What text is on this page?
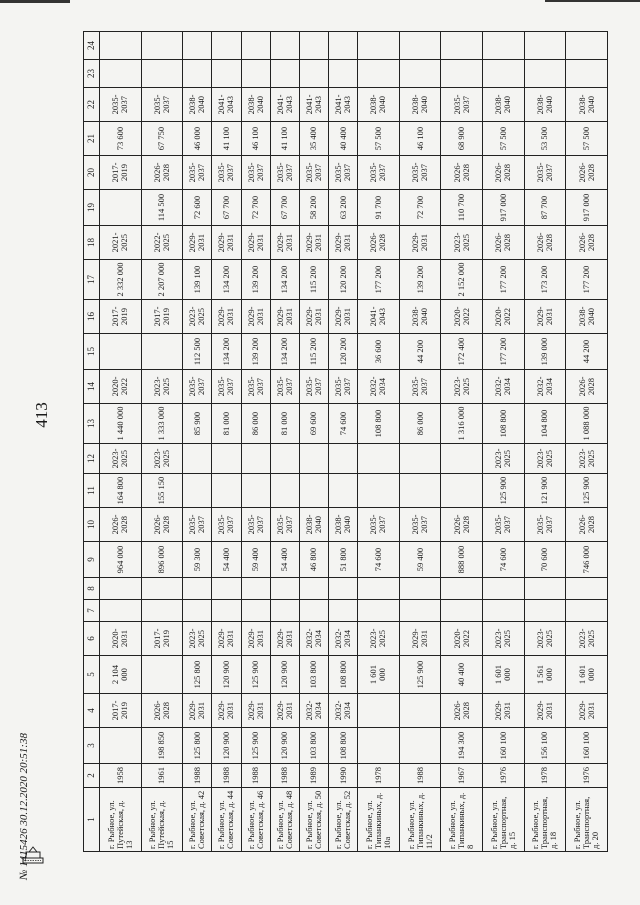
413
1	2	3	4	5	6	7	8	9	10	11	12	13	14	15	16	17	18	19	20	21	22	23	24
г. Рыбное, ул. Путейская, д. 13	1958		2017-2019	2 104 000	2020-2031			964 000	2026-2028	164 800	2023-2025	1 440 000	2020-2022		2017-2019	2 332 000	2021-2025		2017-2019	73 600	2035-2037		
г. Рыбное, ул. Путейская, д. 15	1961	198 850	2026-2028		2017-2019			896 000	2026-2028	155 150	2023-2025	1 333 000	2023-2025		2017-2019	2 207 000	2022-2025	114 500	2026-2028	67 750	2035-2037		
г. Рыбное, ул. Советская, д. 42	1988	125 800	2029-2031	125 800	2023-2025			59 300	2035-2037			85 900	2035-2037	112 500	2023-2025	139 100	2029-2031	72 600	2035-2037	46 000	2038-2040		
г. Рыбное, ул. Советская, д. 44	1988	120 900	2029-2031	120 900	2029-2031			54 400	2035-2037			81 000	2035-2037	134 200	2029-2031	134 200	2029-2031	67 700	2035-2037	41 100	2041-2043		
г. Рыбное, ул. Советская, д. 46	1988	125 900	2029-2031	125 900	2029-2031			59 400	2035-2037			86 000	2035-2037	139 200	2029-2031	139 200	2029-2031	72 700	2035-2037	46 100	2038-2040		
г. Рыбное, ул. Советская, д. 48	1988	120 900	2029-2031	120 900	2029-2031			54 400	2035-2037			81 000	2035-2037	134 200	2029-2031	134 200	2029-2031	67 700	2035-2037	41 100	2041-2043		
г. Рыбное, ул. Советская, д. 50	1989	103 800	2032-2034	103 800	2032-2034			46 800	2038-2040			69 600	2035-2037	115 200	2029-2031	115 200	2029-2031	58 200	2035-2037	35 400	2041-2043		
г. Рыбное, ул. Советская, д. 52	1990	108 800	2032-2034	108 800	2032-2034			51 800	2038-2040			74 600	2035-2037	120 200	2029-2031	120 200	2029-2031	63 200	2035-2037	40 400	2041-2043		
г. Рыбное, ул. Типанкиных, д. 10а	1978			1 601 000	2023-2025			74 600	2035-2037			108 800	2032-2034	36 600	2041-2043	177 200	2026-2028	91 700	2035-2037	57 500	2038-2040		
г. Рыбное, ул. Типанкиных, д. 11/2	1988			125 900	2029-2031			59 400	2035-2037			86 000	2035-2037	44 200	2038-2040	139 200	2029-2031	72 700	2035-2037	46 100	2038-2040		
г. Рыбное, ул. Типанкиных, д. 8	1967	194 300	2026-2028	40 400	2020-2022			888 000	2026-2028			1 316 000	2023-2025	172 400	2020-2022	2 152 000	2023-2025	110 700	2026-2028	68 900	2035-2037		
г. Рыбное, ул. Транспортная, д. 15	1976	160 100	2029-2031	1 601 000	2023-2025			74 600	2035-2037	125 900	2023-2025	108 800	2032-2034	177 200	2020-2022	177 200	2026-2028	917 000	2026-2028	57 500	2038-2040		
г. Рыбное, ул. Транспортная, д. 18	1978	156 100	2029-2031	1 561 000	2023-2025			70 600	2035-2037	121 900	2023-2025	104 800	2032-2034	139 000	2029-2031	173 200	2026-2028	87 700	2035-2037	53 500	2038-2040		
г. Рыбное, ул. Транспортная, д. 20	1976	160 100	2029-2031	1 601 000	2023-2025			746 000	2026-2028	125 900	2023-2025	1 088 000	2026-2028	44 200	2038-2040	177 200	2026-2028	917 000	2026-2028	57 500	2038-2040		
№ 1415426 30.12.2020 20:51:38
